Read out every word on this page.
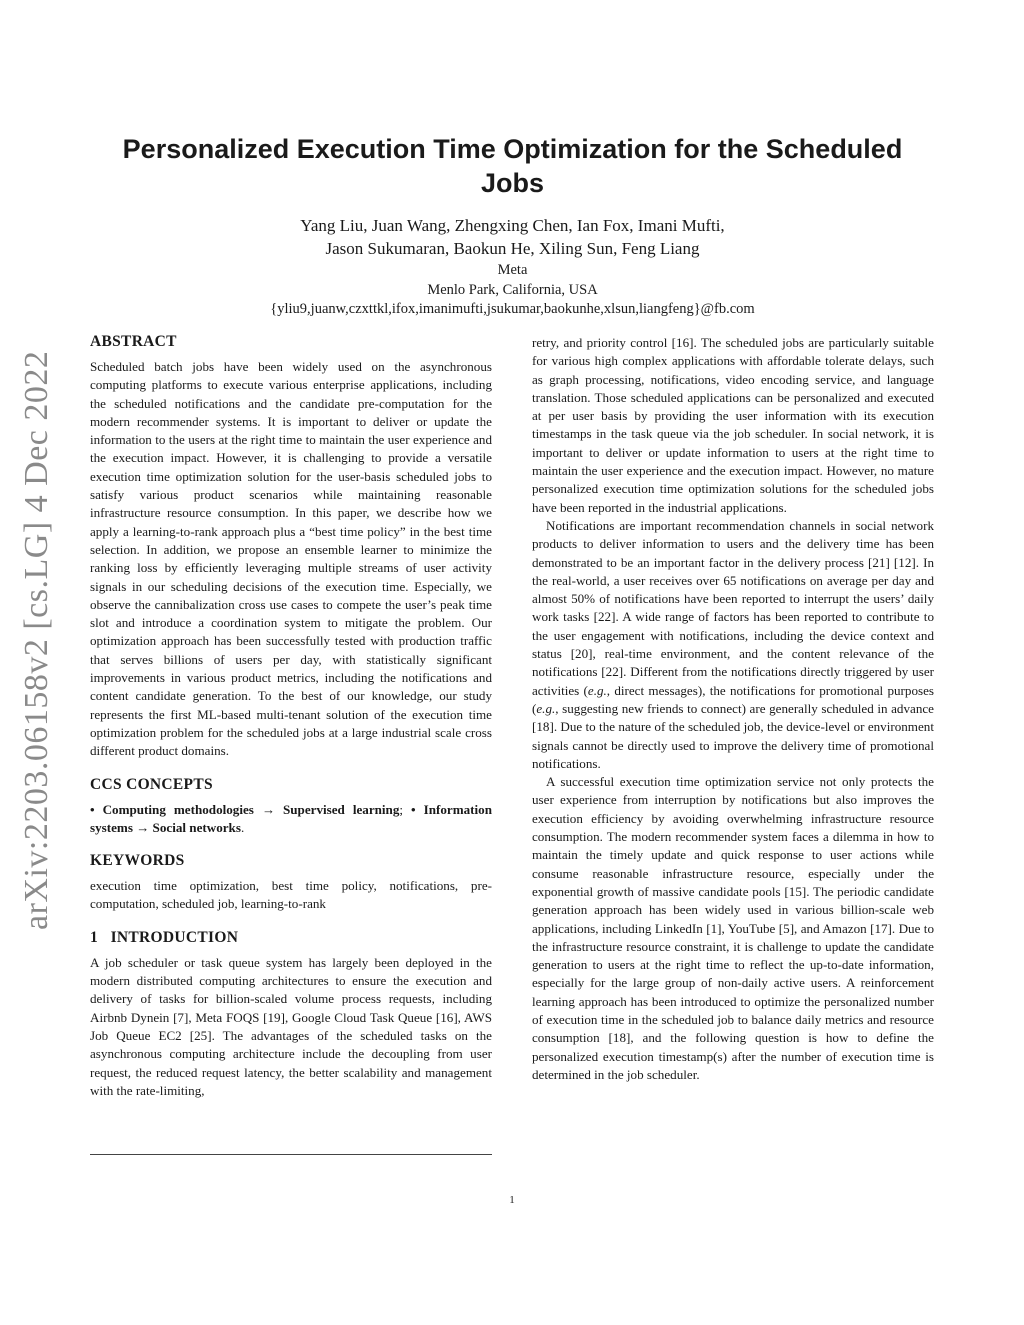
arXiv:2203.06158v2 [cs.LG] 4 Dec 2022
Personalized Execution Time Optimization for the Scheduled Jobs
Yang Liu, Juan Wang, Zhengxing Chen, Ian Fox, Imani Mufti,
Jason Sukumaran, Baokun He, Xiling Sun, Feng Liang
Meta
Menlo Park, California, USA
{yliu9,juanw,czxttkl,ifox,imanimufti,jsukumar,baokunhe,xlsun,liangfeng}@fb.com
ABSTRACT

Scheduled batch jobs have been widely used on the asynchronous computing platforms to execute various enterprise applications, including the scheduled notifications and the candidate pre-computation for the modern recommender systems. It is important to deliver or update the information to the users at the right time to maintain the user experience and the execution impact. However, it is challenging to provide a versatile execution time optimization solution for the user-basis scheduled jobs to satisfy various product scenarios while maintaining reasonable infrastructure resource consumption. In this paper, we describe how we apply a learning-to-rank approach plus a “best time policy” in the best time selection. In addition, we propose an ensemble learner to minimize the ranking loss by efficiently leveraging multiple streams of user activity signals in our scheduling decisions of the execution time. Especially, we observe the cannibalization cross use cases to compete the user’s peak time slot and introduce a coordination system to mitigate the problem. Our optimization approach has been successfully tested with production traffic that serves billions of users per day, with statistically significant improvements in various product metrics, including the notifications and content candidate generation. To the best of our knowledge, our study represents the first ML-based multi-tenant solution of the execution time optimization problem for the scheduled jobs at a large industrial scale cross different product domains.

CCS CONCEPTS

• Computing methodologies → Supervised learning; • Information systems → Social networks.

KEYWORDS

execution time optimization, best time policy, notifications, pre-computation, scheduled job, learning-to-rank

1   INTRODUCTION

A job scheduler or task queue system has largely been deployed in the modern distributed computing architectures to ensure the execution and delivery of tasks for billion-scaled volume process requests, including Airbnb Dynein [7], Meta FOQS [19], Google Cloud Task Queue [16], AWS Job Queue EC2 [25]. The advantages of the scheduled tasks on the asynchronous computing architecture include the decoupling from user request, the reduced request latency, the better scalability and management with the rate-limiting,

retry, and priority control [16]. The scheduled jobs are particularly suitable for various high complex applications with affordable tolerate delays, such as graph processing, notifications, video encoding service, and language translation. Those scheduled applications can be personalized and executed at per user basis by providing the user information with its execution timestamps in the task queue via the job scheduler. In social network, it is important to deliver or update information to users at the right time to maintain the user experience and the execution impact. However, no mature personalized execution time optimization solutions for the scheduled jobs have been reported in the industrial applications.

Notifications are important recommendation channels in social network products to deliver information to users and the delivery time has been demonstrated to be an important factor in the delivery process [21] [12]. In the real-world, a user receives over 65 notifications on average per day and almost 50% of notifications have been reported to interrupt the users’ daily work tasks [22]. A wide range of factors has been reported to contribute to the user engagement with notifications, including the device context and status [20], real-time environment, and the content relevance of the notifications [22]. Different from the notifications directly triggered by user activities (e.g., direct messages), the notifications for promotional purposes (e.g., suggesting new friends to connect) are generally scheduled in advance [18]. Due to the nature of the scheduled job, the device-level or environment signals cannot be directly used to improve the delivery time of promotional notifications.

A successful execution time optimization service not only protects the user experience from interruption by notifications but also improves the execution efficiency by avoiding overwhelming infrastructure resource consumption. The modern recommender system faces a dilemma in how to maintain the timely update and quick response to user actions while consume reasonable infrastructure resource, especially under the exponential growth of massive candidate pools [15]. The periodic candidate generation approach has been widely used in various billion-scale web applications, including LinkedIn [1], YouTube [5], and Amazon [17]. Due to the infrastructure resource constraint, it is challenge to update the candidate generation to users at the right time to reflect the up-to-date information, especially for the large group of non-daily active users. A reinforcement learning approach has been introduced to optimize the personalized number of execution time in the scheduled job to balance daily metrics and resource consumption [18], and the following question is how to define the personalized execution timestamp(s) after the number of execution time is determined in the job scheduler.

1
